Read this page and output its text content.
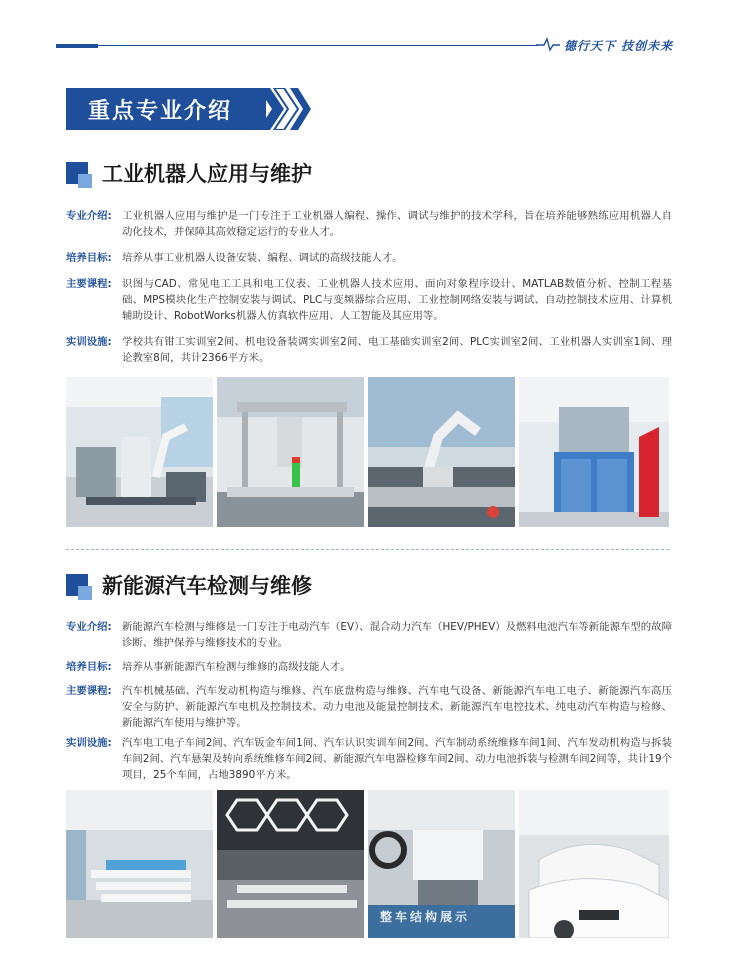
德行天下 技创未来
重点专业介绍
工业机器人应用与维护
专业介绍: 工业机器人应用与维护是一门专注于工业机器人编程、操作、调试与维护的技术学科，旨在培养能够熟练应用机器人自动化技术，并保障其高效稳定运行的专业人才。
培养目标: 培养从事工业机器人设备安装、编程、调试的高级技能人才。
主要课程: 识图与CAD、常见电工工具和电工仪表、工业机器人技术应用、面向对象程序设计、MATLAB数值分析、控制工程基础、MPS模块化生产控制安装与调试、PLC与变频器综合应用、工业控制网络安装与调试、自动控制技术应用、计算机辅助设计、RobotWorks机器人仿真软件应用、人工智能及其应用等。
实训设施: 学校共有钳工实训室2间、机电设备装调实训室2间、电工基础实训室2间、PLC实训室2间、工业机器人实训室1间、理论教室8间，共计2366平方米。
新能源汽车检测与维修
专业介绍: 新能源汽车检测与维修是一门专注于电动汽车（EV）、混合动力汽车（HEV/PHEV）及燃料电池汽车等新能源车型的故障诊断、维护保养与维修技术的专业。
培养目标: 培养从事新能源汽车检测与维修的高级技能人才。
主要课程: 汽车机械基础、汽车发动机构造与维修、汽车底盘构造与维修、汽车电气设备、新能源汽车电工电子、新能源汽车高压安全与防护、新能源汽车电机及控制技术、动力电池及能量控制技术、新能源汽车电控技术、纯电动汽车构造与检修、新能源汽车使用与维护等。
实训设施: 汽车电工电子车间2间、汽车钣金车间1间、汽车认识实训车间2间、汽车制动系统维修车间1间、汽车发动机构造与拆装车间2间、汽车悬架及转向系统维修车间2间、新能源汽车电器检修车间2间、动力电池拆装与检测车间2间等，共计19个项目，25个车间，占地3890平方米。
整车结构展示
